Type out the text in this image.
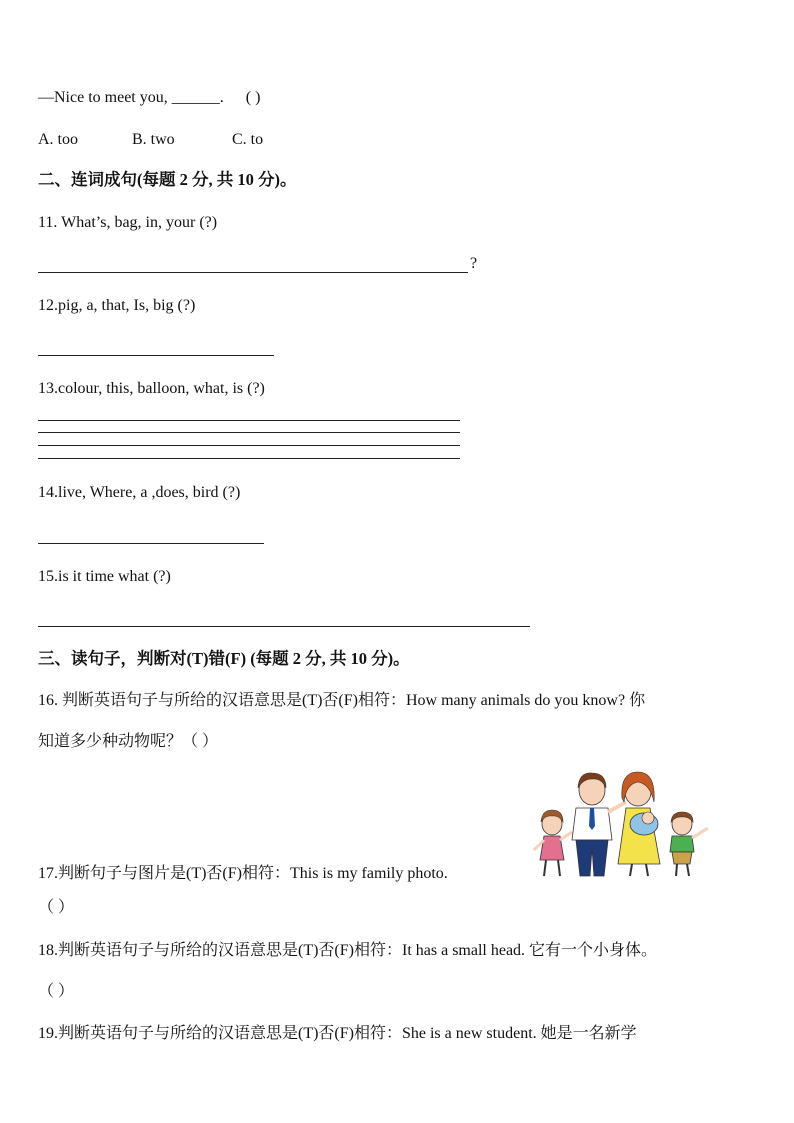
—Nice to meet you, ______. ( )
A. too	B. two	C. to
二、连词成句(每题 2 分, 共 10 分)。
11. What’s, bag, in, your (?)
?
12.pig, a, that, Is, big (?)
13.colour, this, balloon, what, is (?)
14.live, Where, a ,does, bird (?)
15.is it time what (?)
三、读句子，判断对(T)错(F) (每题 2 分, 共 10 分)。
16. 判断英语句子与所给的汉语意思是(T)否(F)相符：How many animals do you know? 你
知道多少种动物呢？（ ）
17.判断句子与图片是(T)否(F)相符：This is my family photo.
（ ）
18.判断英语句子与所给的汉语意思是(T)否(F)相符：It has a small head. 它有一个小身体。
（ ）
19.判断英语句子与所给的汉语意思是(T)否(F)相符：She is a new student. 她是一名新学
